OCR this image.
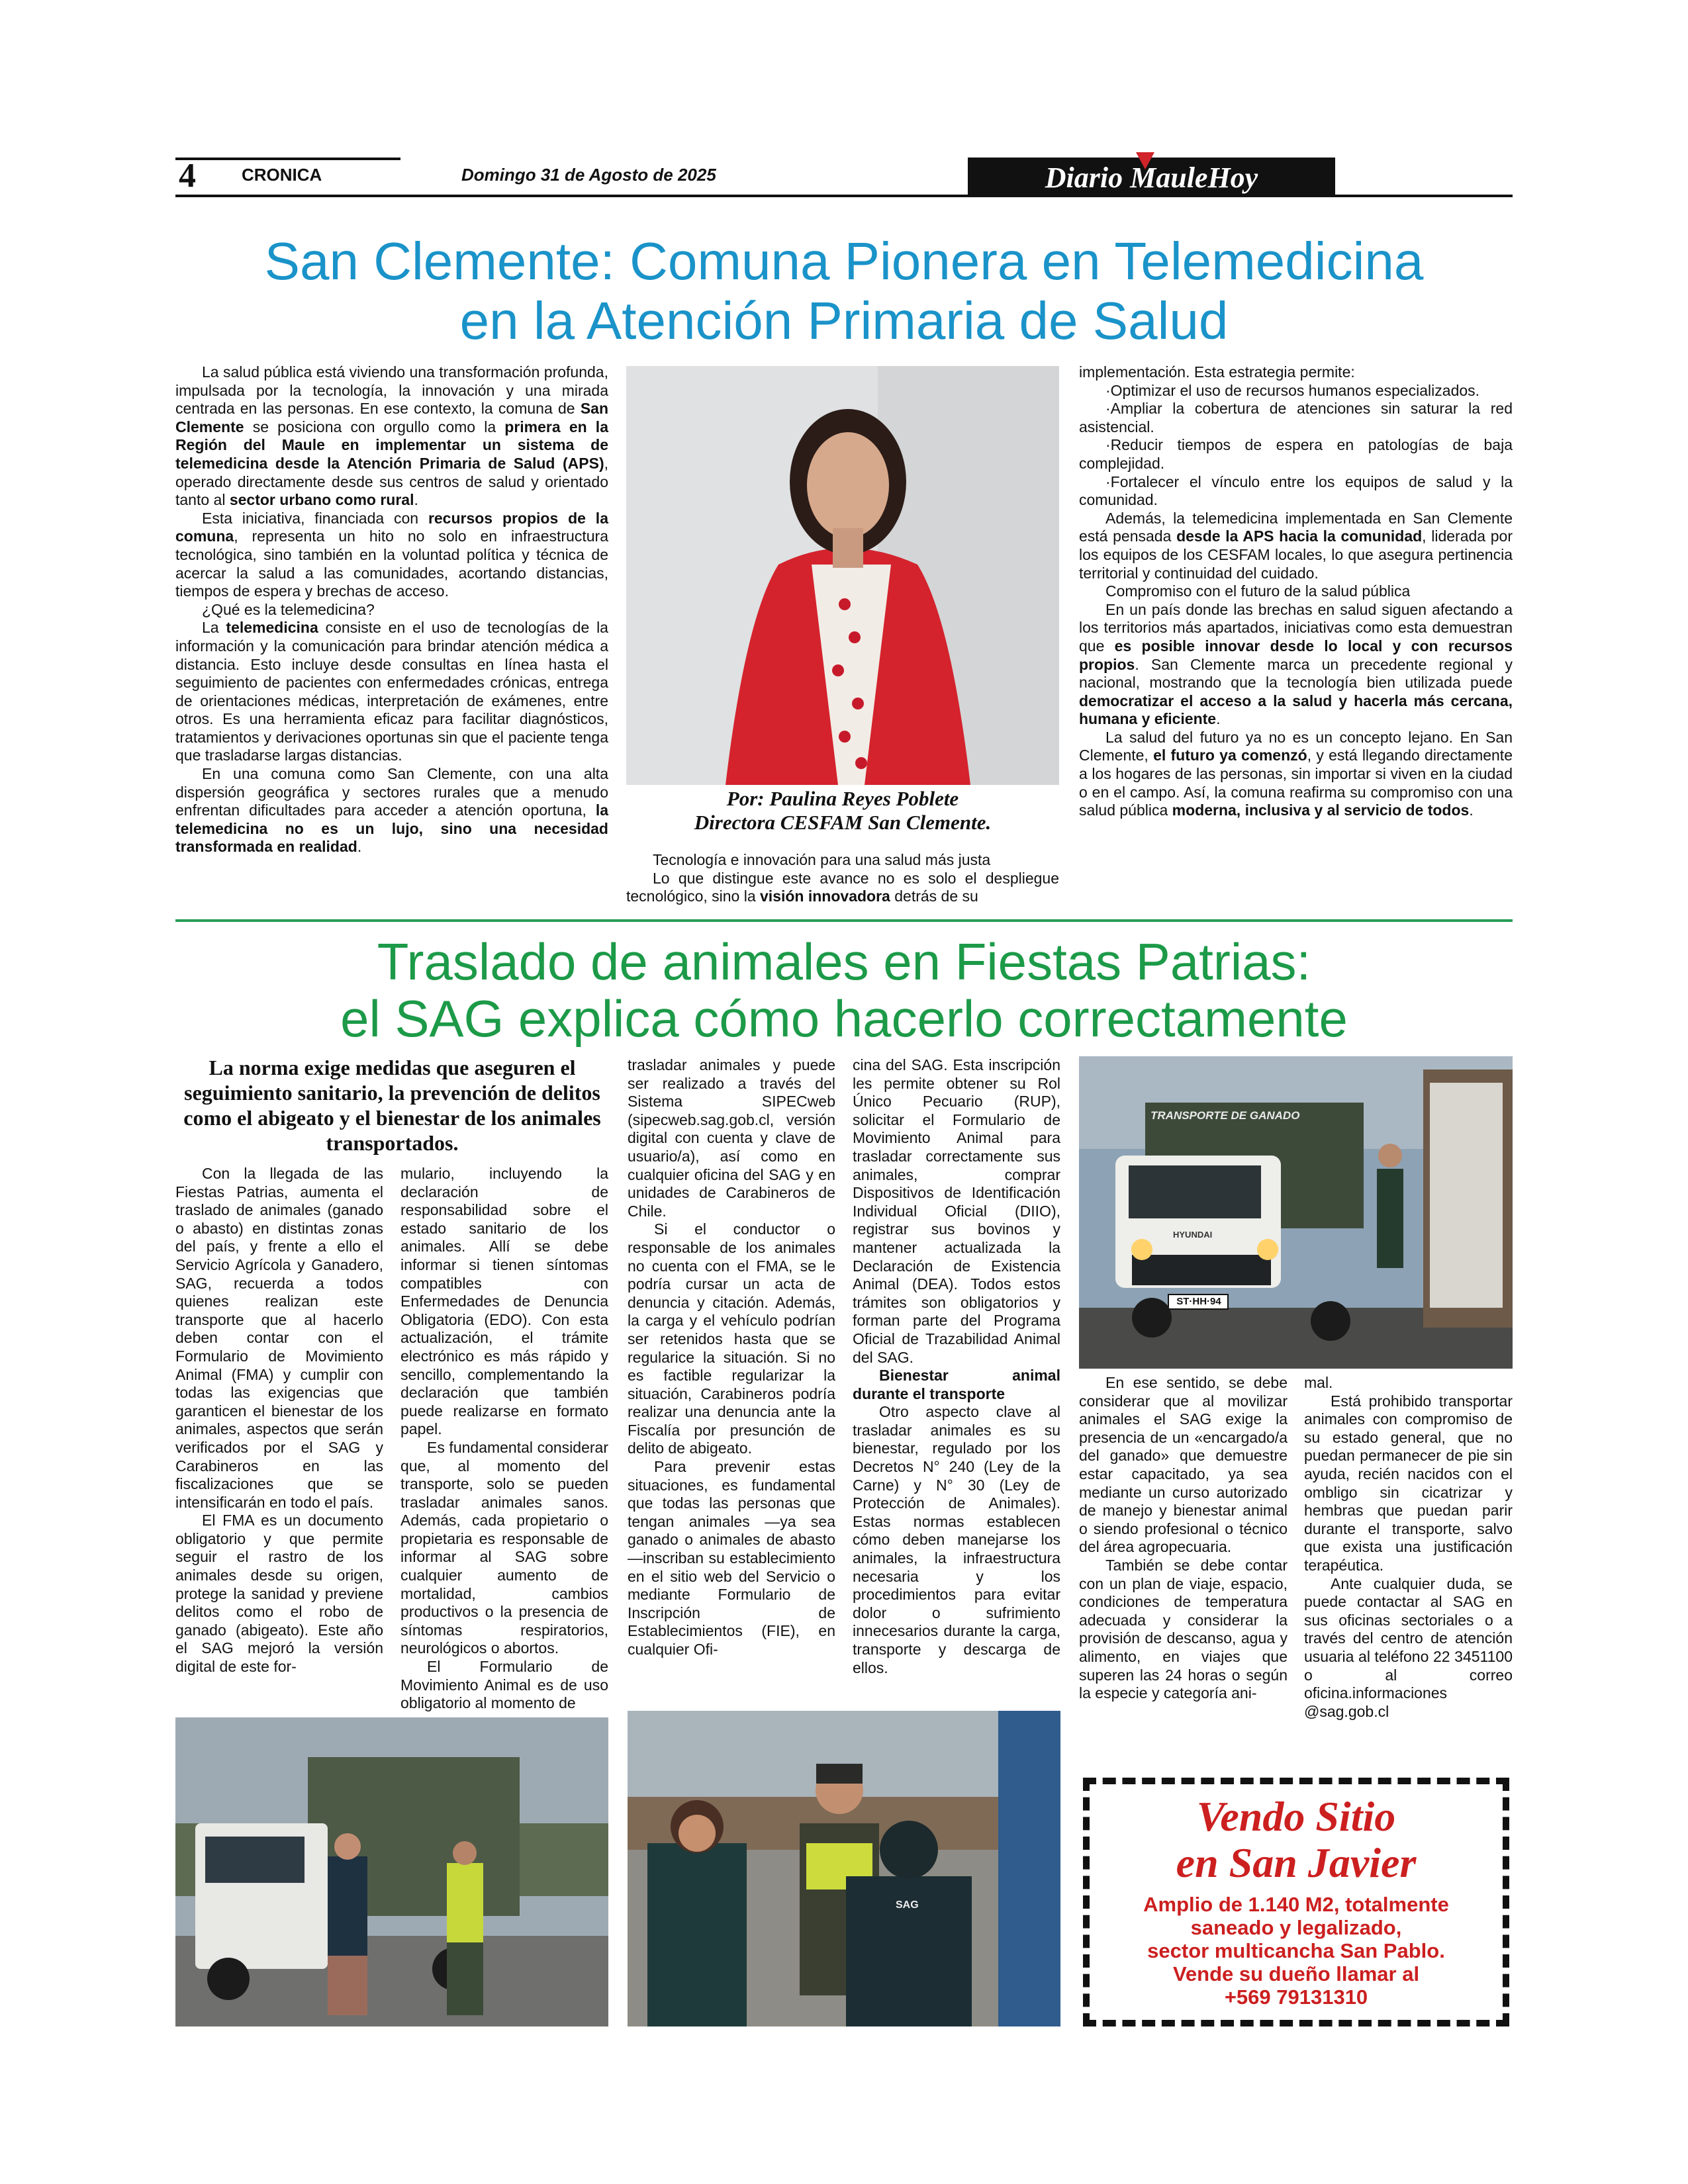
4	CRONICA	Domingo 31 de Agosto de 2025	Diario MauleHoy
San Clemente: Comuna Pionera en Telemedicina
en la Atención Primaria de Salud

La salud pública está viviendo una transformación profunda, impulsada por la tecnología, la innovación y una mirada centrada en las personas. En ese contexto, la comuna de San Clemente se posiciona con orgullo como la primera en la Región del Maule en implementar un sistema de telemedicina desde la Atención Primaria de Salud (APS), operado directamente desde sus centros de salud y orientado tanto al sector urbano como rural.

Esta iniciativa, financiada con recursos propios de la comuna, representa un hito no solo en infraestructura tecnológica, sino también en la voluntad política y técnica de acercar la salud a las comunidades, acortando distancias, tiempos de espera y brechas de acceso.

¿Qué es la telemedicina?

La telemedicina consiste en el uso de tecnologías de la información y la comunicación para brindar atención médica a distancia. Esto incluye desde consultas en línea hasta el seguimiento de pacientes con enfermedades crónicas, entrega de orientaciones médicas, interpretación de exámenes, entre otros. Es una herramienta eficaz para facilitar diagnósticos, tratamientos y derivaciones oportunas sin que el paciente tenga que trasladarse largas distancias.

En una comuna como San Clemente, con una alta dispersión geográfica y sectores rurales que a menudo enfrentan dificultades para acceder a atención oportuna, la telemedicina no es un lujo, sino una necesidad transformada en realidad.

Por: Paulina Reyes Poblete
Directora CESFAM San Clemente.

Tecnología e innovación para una salud más justa

Lo que distingue este avance no es solo el despliegue tecnológico, sino la visión innovadora detrás de su

implementación. Esta estrategia permite:

·Optimizar el uso de recursos humanos especializados.

·Ampliar la cobertura de atenciones sin saturar la red asistencial.

·Reducir tiempos de espera en patologías de baja complejidad.

·Fortalecer el vínculo entre los equipos de salud y la comunidad.

Además, la telemedicina implementada en San Clemente está pensada desde la APS hacia la comunidad, liderada por los equipos de los CESFAM locales, lo que asegura pertinencia territorial y continuidad del cuidado.

Compromiso con el futuro de la salud pública

En un país donde las brechas en salud siguen afectando a los territorios más apartados, iniciativas como esta demuestran que es posible innovar desde lo local y con recursos propios. San Clemente marca un precedente regional y nacional, mostrando que la tecnología bien utilizada puede democratizar el acceso a la salud y hacerla más cercana, humana y eficiente.

La salud del futuro ya no es un concepto lejano. En San Clemente, el futuro ya comenzó, y está llegando directamente a los hogares de las personas, sin importar si viven en la ciudad o en el campo. Así, la comuna reafirma su compromiso con una salud pública moderna, inclusiva y al servicio de todos.

Traslado de animales en Fiestas Patrias:
el SAG explica cómo hacerlo correctamente
La norma exige medidas que aseguren el seguimiento sanitario, la prevención de delitos como el abigeato y el bienestar de los animales transportados.

Con la llegada de las Fiestas Patrias, aumenta el traslado de animales (ganado o abasto) en distintas zonas del país, y frente a ello el Servicio Agrícola y Ganadero, SAG, recuerda a todos quienes realizan este transporte que al hacerlo deben contar con el Formulario de Movimiento Animal (FMA) y cumplir con todas las exigencias que garanticen el bienestar de los animales, aspectos que serán verificados por el SAG y Carabineros en las fiscalizaciones que se intensificarán en todo el país.

El FMA es un documento obligatorio y que permite seguir el rastro de los animales desde su origen, protege la sanidad y previene delitos como el robo de ganado (abigeato). Este año el SAG mejoró la versión digital de este for-

mulario, incluyendo la declaración de responsabilidad sobre el estado sanitario de los animales. Allí se debe informar si tienen síntomas compatibles con Enfermedades de Denuncia Obligatoria (EDO). Con esta actualización, el trámite electrónico es más rápido y sencillo, complementando la declaración que también puede realizarse en formato papel.

Es fundamental considerar que, al momento del transporte, solo se pueden trasladar animales sanos. Además, cada propietario o propietaria es responsable de informar al SAG sobre cualquier aumento de mortalidad, cambios productivos o la presencia de síntomas respiratorios, neurológicos o abortos.

El Formulario de Movimiento Animal es de uso obligatorio al momento de

trasladar animales y puede ser realizado a través del Sistema SIPECweb (sipecweb.sag.gob.cl, versión digital con cuenta y clave de usuario/a), así como en cualquier oficina del SAG y en unidades de Carabineros de Chile.

Si el conductor o responsable de los animales no cuenta con el FMA, se le podría cursar un acta de denuncia y citación. Además, la carga y el vehículo podrían ser retenidos hasta que se regularice la situación. Si no es factible regularizar la situación, Carabineros podría realizar una denuncia ante la Fiscalía por presunción de delito de abigeato.

Para prevenir estas situaciones, es fundamental que todas las personas que tengan animales —ya sea ganado o animales de abasto—inscriban su establecimiento en el sitio web del Servicio o mediante Formulario de Inscripción de Establecimientos (FIE), en cualquier Ofi-

cina del SAG. Esta inscripción les permite obtener su Rol Único Pecuario (RUP), solicitar el Formulario de Movimiento Animal para trasladar correctamente sus animales, comprar Dispositivos de Identificación Individual Oficial (DIIO), registrar sus bovinos y mantener actualizada la Declaración de Existencia Animal (DEA). Todos estos trámites son obligatorios y forman parte del Programa Oficial de Trazabilidad Animal del SAG.

Bienestar animal durante el transporte

Otro aspecto clave al trasladar animales es su bienestar, regulado por los Decretos N° 240 (Ley de la Carne) y N° 30 (Ley de Protección de Animales). Estas normas establecen cómo deben manejarse los animales, la infraestructura necesaria y los procedimientos para evitar dolor o sufrimiento innecesarios durante la carga, transporte y descarga de ellos.

En ese sentido, se debe considerar que al movilizar animales el SAG exige la presencia de un «encargado/a del ganado» que demuestre estar capacitado, ya sea mediante un curso autorizado de manejo y bienestar animal o siendo profesional o técnico del área agropecuaria.

También se debe contar con un plan de viaje, espacio, condiciones de temperatura adecuada y considerar la provisión de descanso, agua y alimento, en viajes que superen las 24 horas o según la especie y categoría ani-

mal.

Está prohibido transportar animales con compromiso de su estado general, que no puedan permanecer de pie sin ayuda, recién nacidos con el ombligo sin cicatrizar y hembras que puedan parir durante el transporte, salvo que exista una justificación terapéutica.

Ante cualquier duda, se puede contactar al SAG en sus oficinas sectoriales o a través del centro de atención usuaria al teléfono 22 3451100 o al correo oficina.informaciones @sag.gob.cl

TRANSPORTE DE GANADO
HYUNDAI
ST·HH·94
SAG
Vendo Sitio
en San Javier
Amplio de 1.140 M2, totalmente
saneado y legalizado,
sector multicancha San Pablo.
Vende su dueño llamar al
+569 79131310
